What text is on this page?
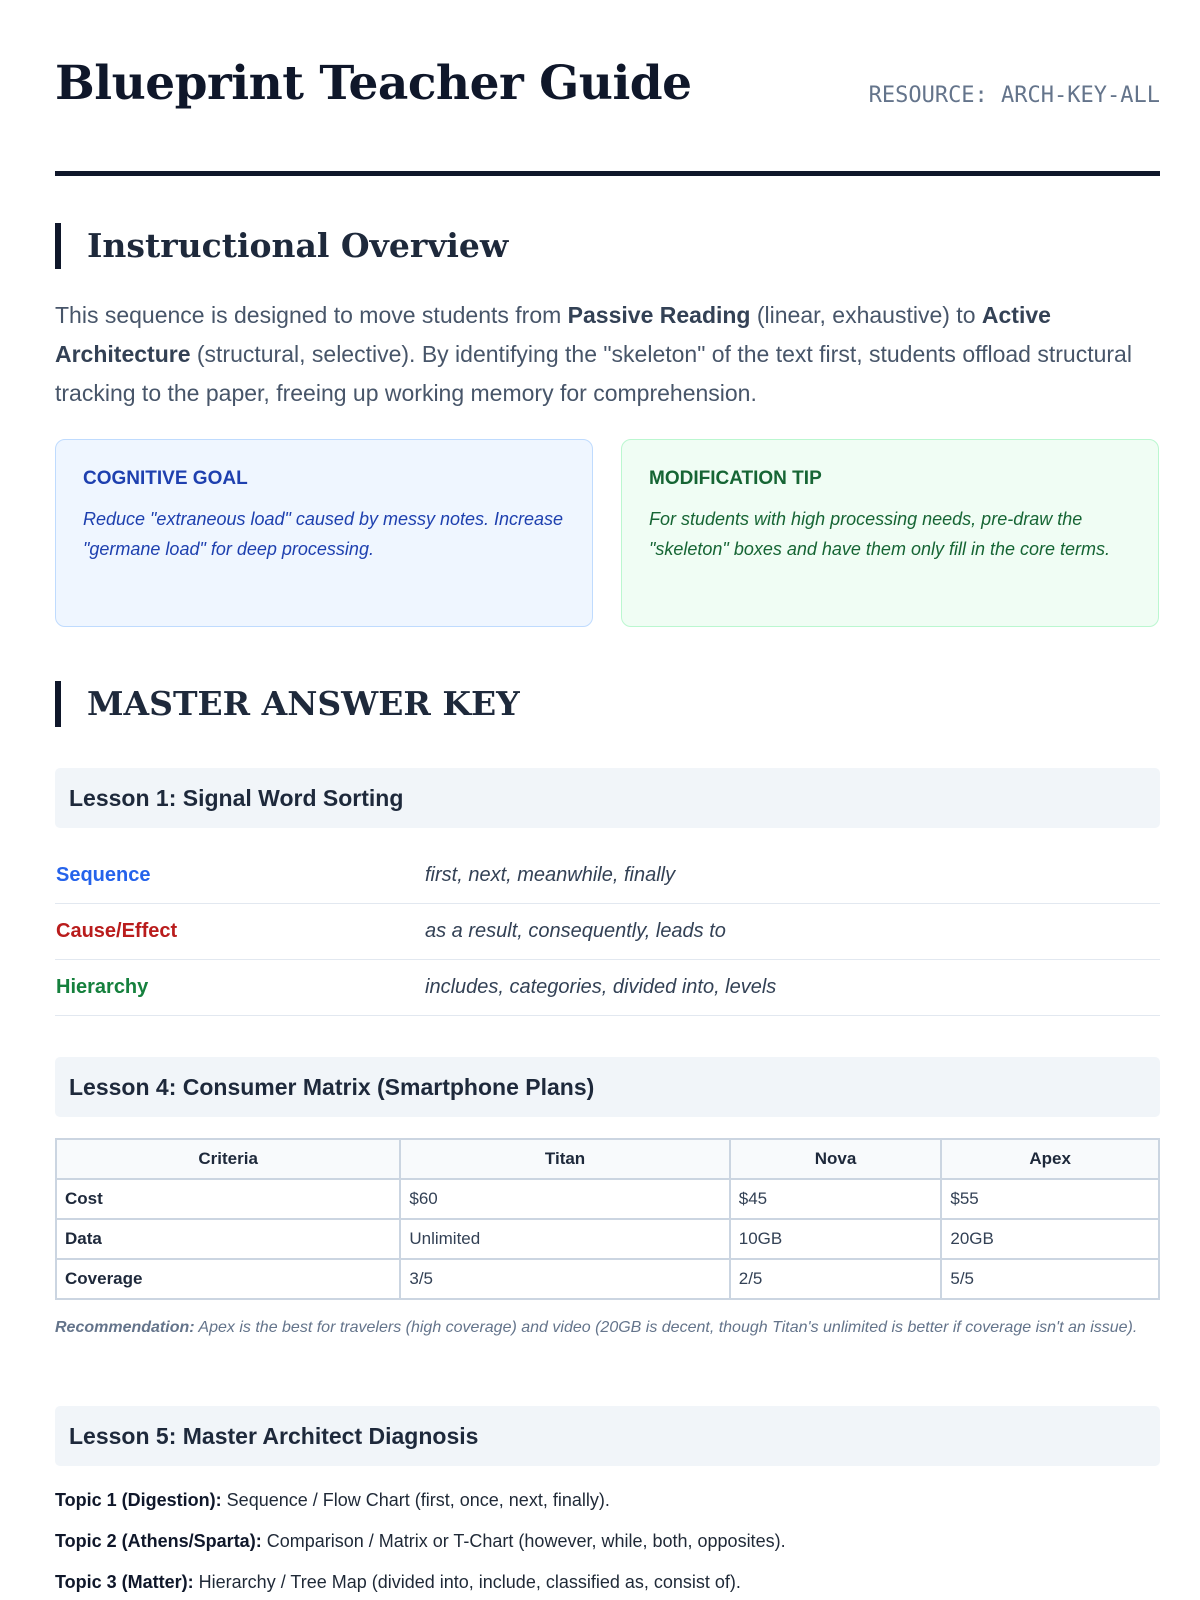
Blueprint Teacher Guide	RESOURCE: ARCH-KEY-ALL
Instructional Overview

This sequence is designed to move students from Passive Reading (linear, exhaustive) to Active Architecture (structural, selective). By identifying the "skeleton" of the text first, students offload structural tracking to the paper, freeing up working memory for comprehension.

COGNITIVE GOAL
Reduce "extraneous load" caused by messy notes. Increase "germane load" for deep processing.
MODIFICATION TIP
For students with high processing needs, pre-draw the "skeleton" boxes and have them only fill in the core terms.
MASTER ANSWER KEY
Lesson 1: Signal Word Sorting
Sequence	first, next, meanwhile, finally
Cause/Effect	as a result, consequently, leads to
Hierarchy	includes, categories, divided into, levels
Lesson 4: Consumer Matrix (Smartphone Plans)
Criteria	Titan	Nova	Apex
Cost	$60	$45	$55
Data	Unlimited	10GB	20GB
Coverage	3/5	2/5	5/5

Recommendation: Apex is the best for travelers (high coverage) and video (20GB is decent, though Titan's unlimited is better if coverage isn't an issue).

Lesson 5: Master Architect Diagnosis

Topic 1 (Digestion): Sequence / Flow Chart (first, once, next, finally).

Topic 2 (Athens/Sparta): Comparison / Matrix or T-Chart (however, while, both, opposites).

Topic 3 (Matter): Hierarchy / Tree Map (divided into, include, classified as, consist of).
